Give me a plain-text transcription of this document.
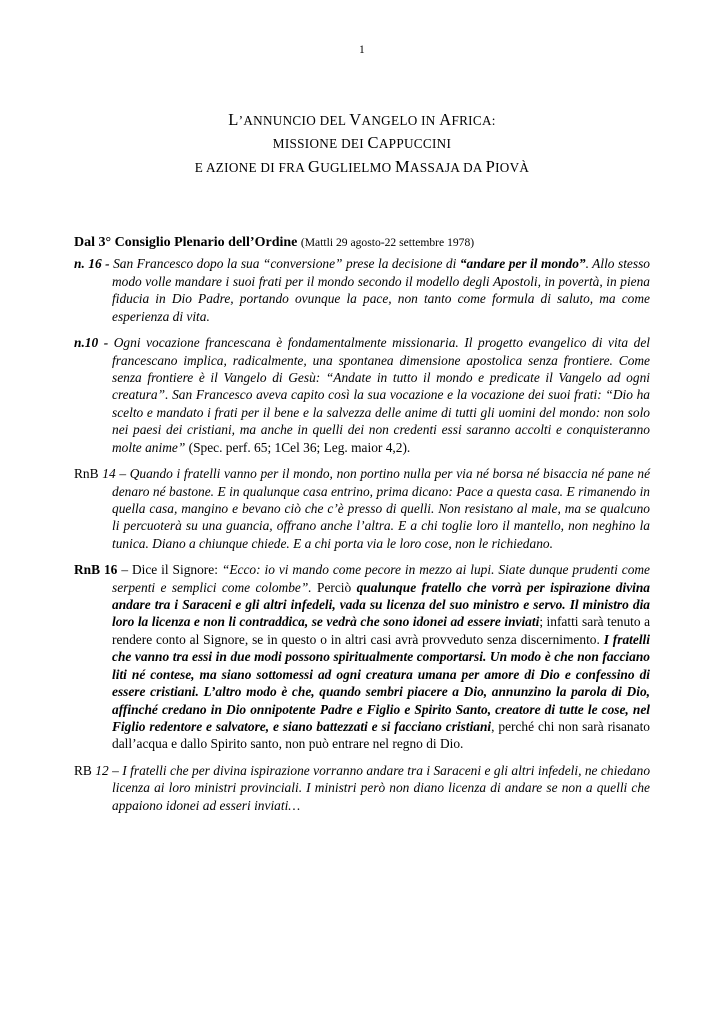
1
L’ANNUNCIO DEL VANGELO IN AFRICA:
MISSIONE DEI CAPPUCCINI
E AZIONE DI FRA GUGLIELMO MASSAJA DA PIOVÀ

Dal 3° Consiglio Plenario dell’Ordine (Mattli 29 agosto-22 settembre 1978)

n. 16 - San Francesco dopo la sua “conversione” prese la decisione di “andare per il mondo”. Allo stesso modo volle mandare i suoi frati per il mondo secondo il modello degli Apostoli, in povertà, in piena fiducia in Dio Padre, portando ovunque la pace, non tanto come formula di saluto, ma come esperienza di vita.

n.10 - Ogni vocazione francescana è fondamentalmente missionaria. Il progetto evangelico di vita del francescano implica, radicalmente, una spontanea dimensione apostolica senza frontiere. Come senza frontiere è il Vangelo di Gesù: “Andate in tutto il mondo e predicate il Vangelo ad ogni creatura”. San Francesco aveva capito così la sua vocazione e la vocazione dei suoi frati: “Dio ha scelto e mandato i frati per il bene e la salvezza delle anime di tutti gli uomini del mondo: non solo nei paesi dei cristiani, ma anche in quelli dei non credenti essi saranno accolti e conquisteranno molte anime” (Spec. perf. 65; 1Cel 36; Leg. maior 4,2).

RnB 14 – Quando i fratelli vanno per il mondo, non portino nulla per via né borsa né bisaccia né pane né denaro né bastone. E in qualunque casa entrino, prima dicano: Pace a questa casa. E rimanendo in quella casa, mangino e bevano ciò che c’è presso di quelli. Non resistano al male, ma se qualcuno li percuoterà su una guancia, offrano anche l’altra. E a chi toglie loro il mantello, non neghino la tunica. Diano a chiunque chiede. E a chi porta via le loro cose, non le richiedano.

RnB 16 – Dice il Signore: “Ecco: io vi mando come pecore in mezzo ai lupi. Siate dunque prudenti come serpenti e semplici come colombe”. Perciò qualunque fratello che vorrà per ispirazione divina andare tra i Saraceni e gli altri infedeli, vada su licenza del suo ministro e servo. Il ministro dia loro la licenza e non li contraddica, se vedrà che sono idonei ad essere inviati; infatti sarà tenuto a rendere conto al Signore, se in questo o in altri casi avrà provveduto senza discernimento. I fratelli che vanno tra essi in due modi possono spiritualmente comportarsi. Un modo è che non facciano liti né contese, ma siano sottomessi ad ogni creatura umana per amore di Dio e confessino di essere cristiani. L’altro modo è che, quando sembri piacere a Dio, annunzino la parola di Dio, affinché credano in Dio onnipotente Padre e Figlio e Spirito Santo, creatore di tutte le cose, nel Figlio redentore e salvatore, e siano battezzati e si facciano cristiani, perché chi non sarà risanato dall’acqua e dallo Spirito santo, non può entrare nel regno di Dio.

RB 12 – I fratelli che per divina ispirazione vorranno andare tra i Saraceni e gli altri infedeli, ne chiedano licenza ai loro ministri provinciali. I ministri però non diano licenza di andare se non a quelli che appaiono idonei ad esseri inviati…
